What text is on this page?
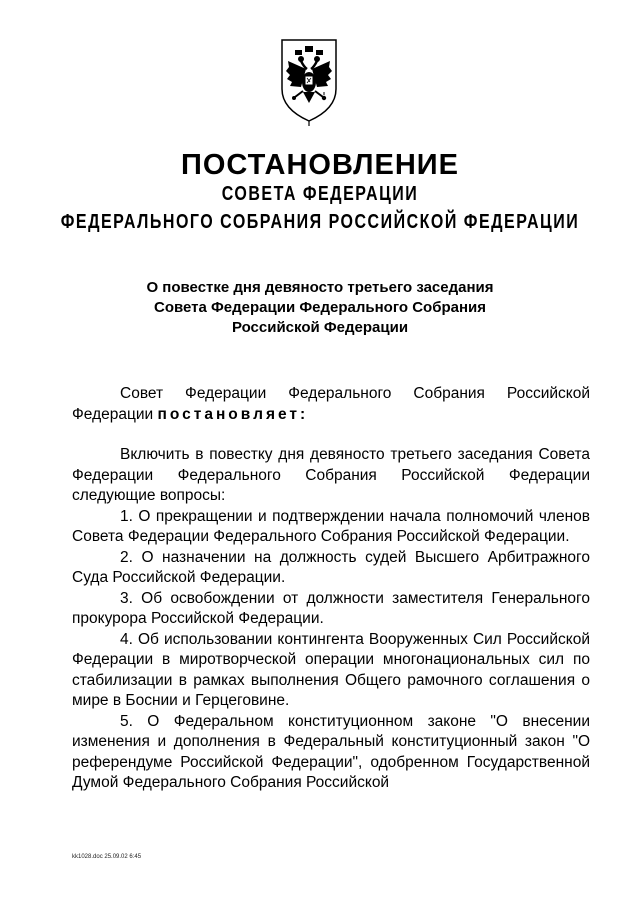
ПОСТАНОВЛЕНИЕ
СОВЕТА ФЕДЕРАЦИИ
ФЕДЕРАЛЬНОГО СОБРАНИЯ РОССИЙСКОЙ ФЕДЕРАЦИИ
О повестке дня девяносто третьего заседания
Совета Федерации Федерального Собрания
Российской Федерации

Совет Федерации Федерального Собрания Российской Федерации постановляет:

Включить в повестку дня девяносто третьего заседания Совета Федерации Федерального Собрания Российской Федерации следующие вопросы:

1. О прекращении и подтверждении начала полномочий членов Совета Федерации Федерального Собрания Российской Федерации.

2. О назначении на должность судей Высшего Арбитражного Суда Российской Федерации.

3. Об освобождении от должности заместителя Генерального прокурора Российской Федерации.

4. Об использовании контингента Вооруженных Сил Российской Федерации в миротворческой операции многонациональных сил по стабилизации в рамках выполнения Общего рамочного соглашения о мире в Боснии и Герцеговине.

5. О Федеральном конституционном законе "О внесении изменения и дополнения в Федеральный конституционный закон "О референдуме Российской Федерации", одобренном Государственной Думой Федерального Собрания Российской

kk1028.doc 25.09.02 6:45
